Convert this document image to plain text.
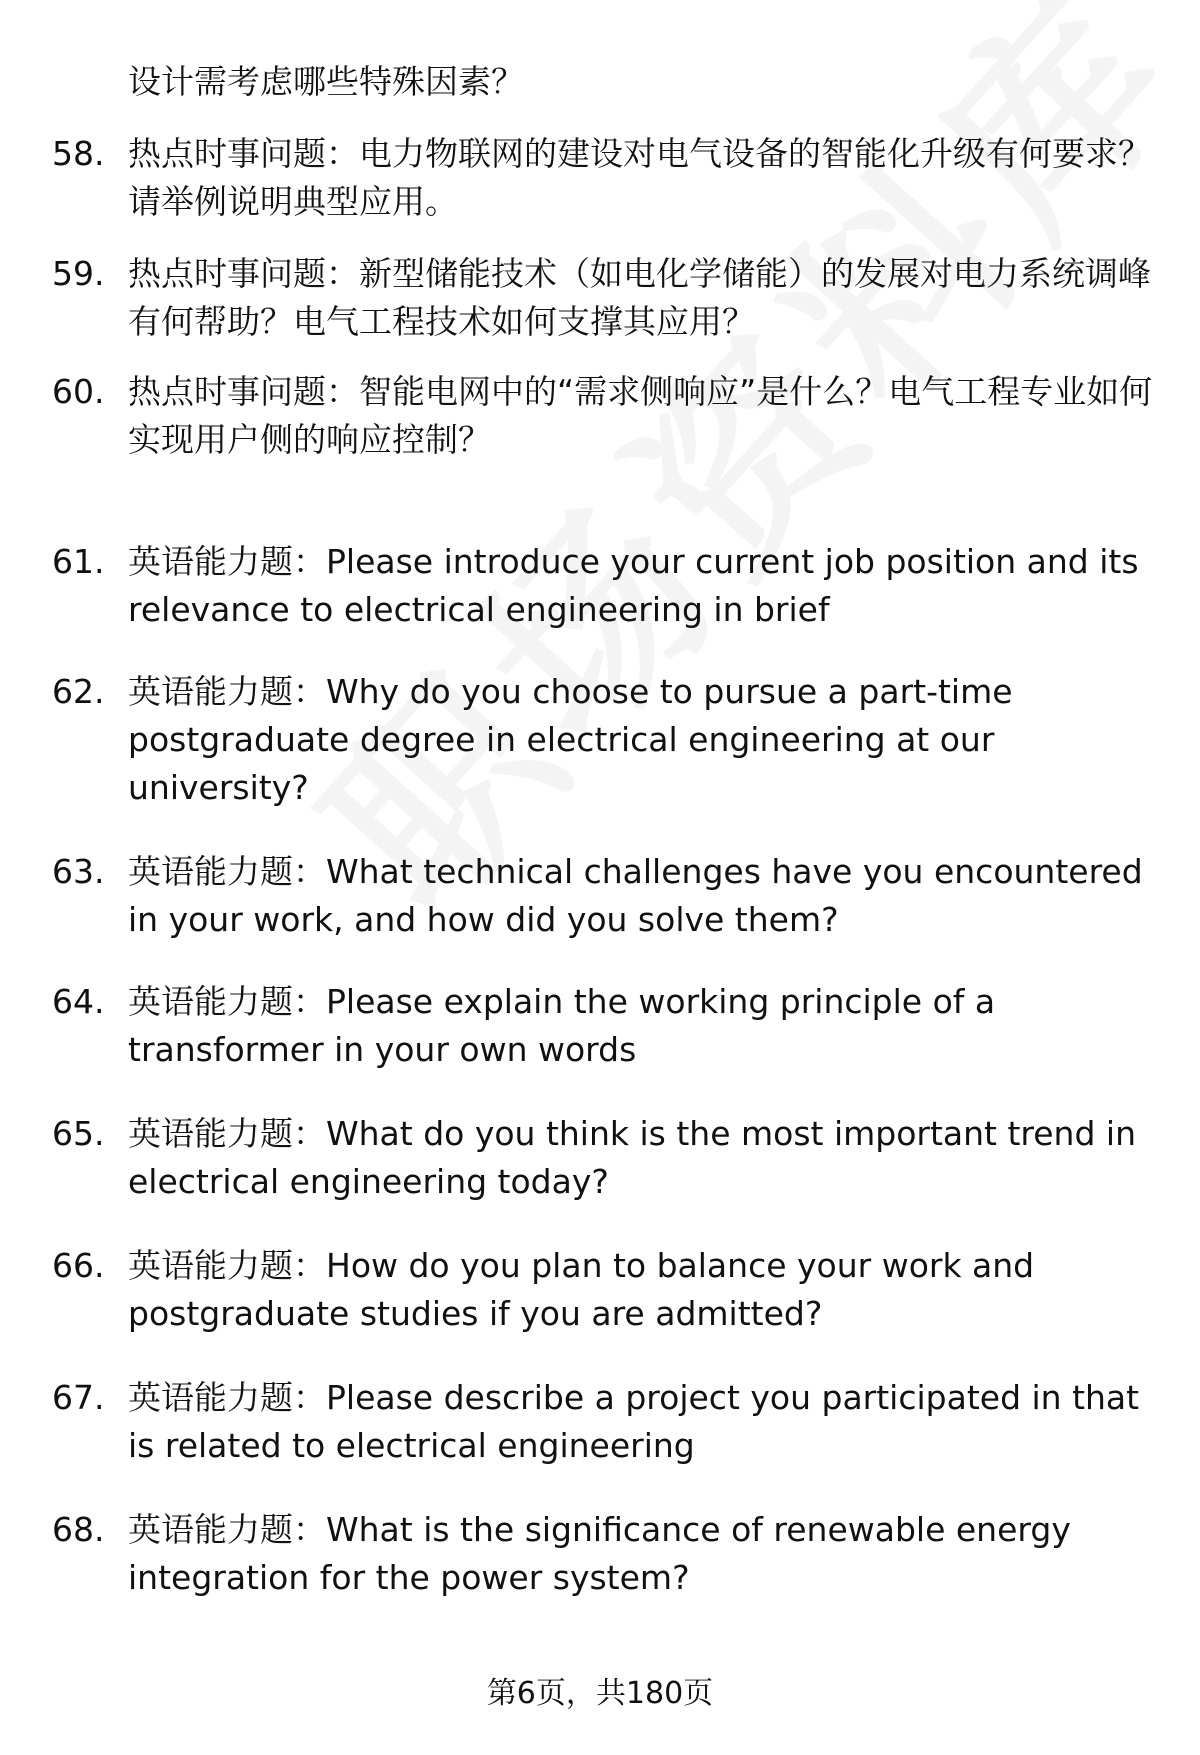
设计需考虑哪些特殊因素？
58. 热点时事问题：电力物联网的建设对电气设备的智能化升级有何要求？请举例说明典型应用。
59. 热点时事问题：新型储能技术（如电化学储能）的发展对电力系统调峰有何帮助？电气工程技术如何支撑其应用？
60. 热点时事问题：智能电网中的“需求侧响应”是什么？电气工程专业如何实现用户侧的响应控制？
61. 英语能力题：Please introduce your current job position and its relevance to electrical engineering in brief
62. 英语能力题：Why do you choose to pursue a part-time postgraduate degree in electrical engineering at our university?
63. 英语能力题：What technical challenges have you encountered in your work, and how did you solve them?
64. 英语能力题：Please explain the working principle of a transformer in your own words
65. 英语能力题：What do you think is the most important trend in electrical engineering today?
66. 英语能力题：How do you plan to balance your work and postgraduate studies if you are admitted?
67. 英语能力题：Please describe a project you participated in that is related to electrical engineering
68. 英语能力题：What is the significance of renewable energy integration for the power system?
第6页，共180页
